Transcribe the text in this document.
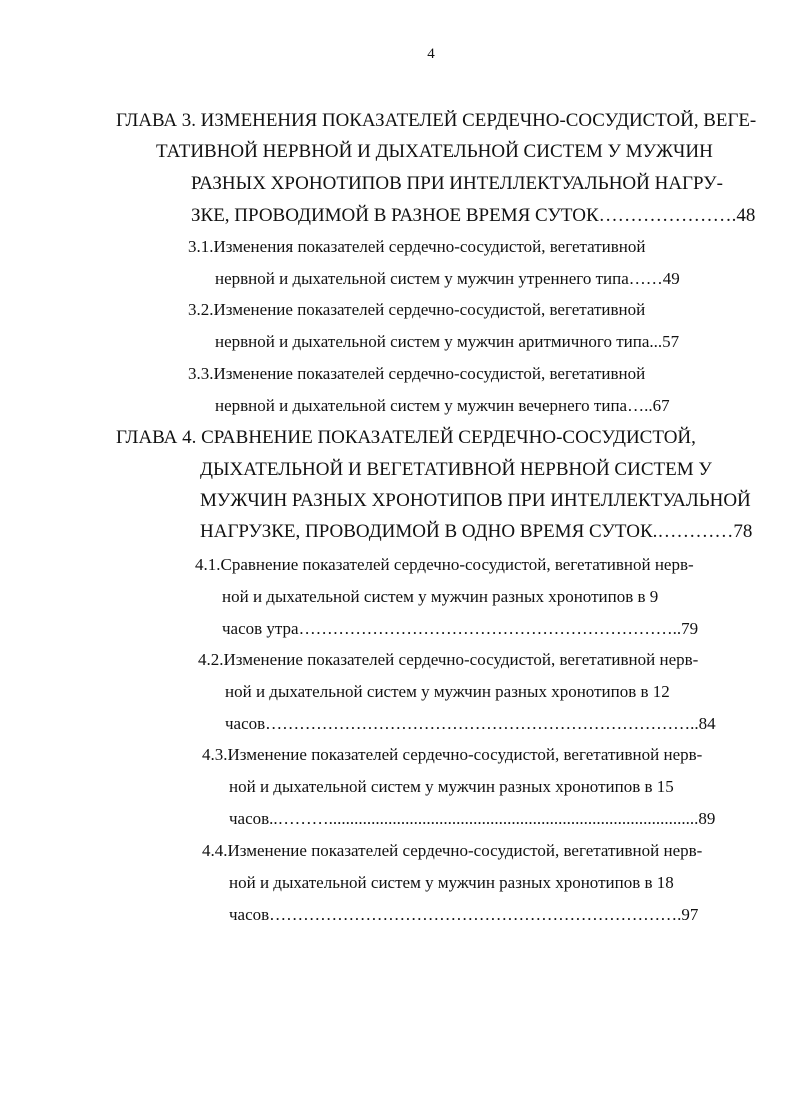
4
ГЛАВА 3. ИЗМЕНЕНИЯ ПОКАЗАТЕЛЕЙ СЕРДЕЧНО-СОСУДИСТОЙ, ВЕГЕ-
ТАТИВНОЙ НЕРВНОЙ И ДЫХАТЕЛЬНОЙ СИСТЕМ У МУЖЧИН
РАЗНЫХ ХРОНОТИПОВ ПРИ ИНТЕЛЛЕКТУАЛЬНОЙ НАГРУ-
ЗКЕ, ПРОВОДИМОЙ В РАЗНОЕ ВРЕМЯ СУТОК………………….48
3.1.Изменения показателей сердечно-сосудистой, вегетативной
нервной и дыхательной систем у мужчин утреннего типа……49
3.2.Изменение показателей сердечно-сосудистой, вегетативной
нервной и дыхательной систем у мужчин аритмичного типа...57
3.3.Изменение показателей сердечно-сосудистой, вегетативной
нервной и дыхательной систем у мужчин вечернего типа…..67
ГЛАВА 4. СРАВНЕНИЕ ПОКАЗАТЕЛЕЙ СЕРДЕЧНО-СОСУДИСТОЙ,
ДЫХАТЕЛЬНОЙ И ВЕГЕТАТИВНОЙ НЕРВНОЙ СИСТЕМ У
МУЖЧИН РАЗНЫХ ХРОНОТИПОВ ПРИ ИНТЕЛЛЕКТУАЛЬНОЙ
НАГРУЗКЕ, ПРОВОДИМОЙ В ОДНО ВРЕМЯ СУТОК.…………78
4.1.Сравнение показателей сердечно-сосудистой, вегетативной нерв-
ной и дыхательной систем у мужчин разных хронотипов в 9
часов утра…………………………………………………………..79
4.2.Изменение показателей сердечно-сосудистой, вегетативной нерв-
ной и дыхательной систем у мужчин разных хронотипов в 12
часов…………………………………………………………………..84
4.3.Изменение показателей сердечно-сосудистой, вегетативной нерв-
ной и дыхательной систем у мужчин разных хронотипов в 15
часов..……….......................................................................................89
4.4.Изменение показателей сердечно-сосудистой, вегетативной нерв-
ной и дыхательной систем у мужчин разных хронотипов в 18
часов……………………………………………………………….97
